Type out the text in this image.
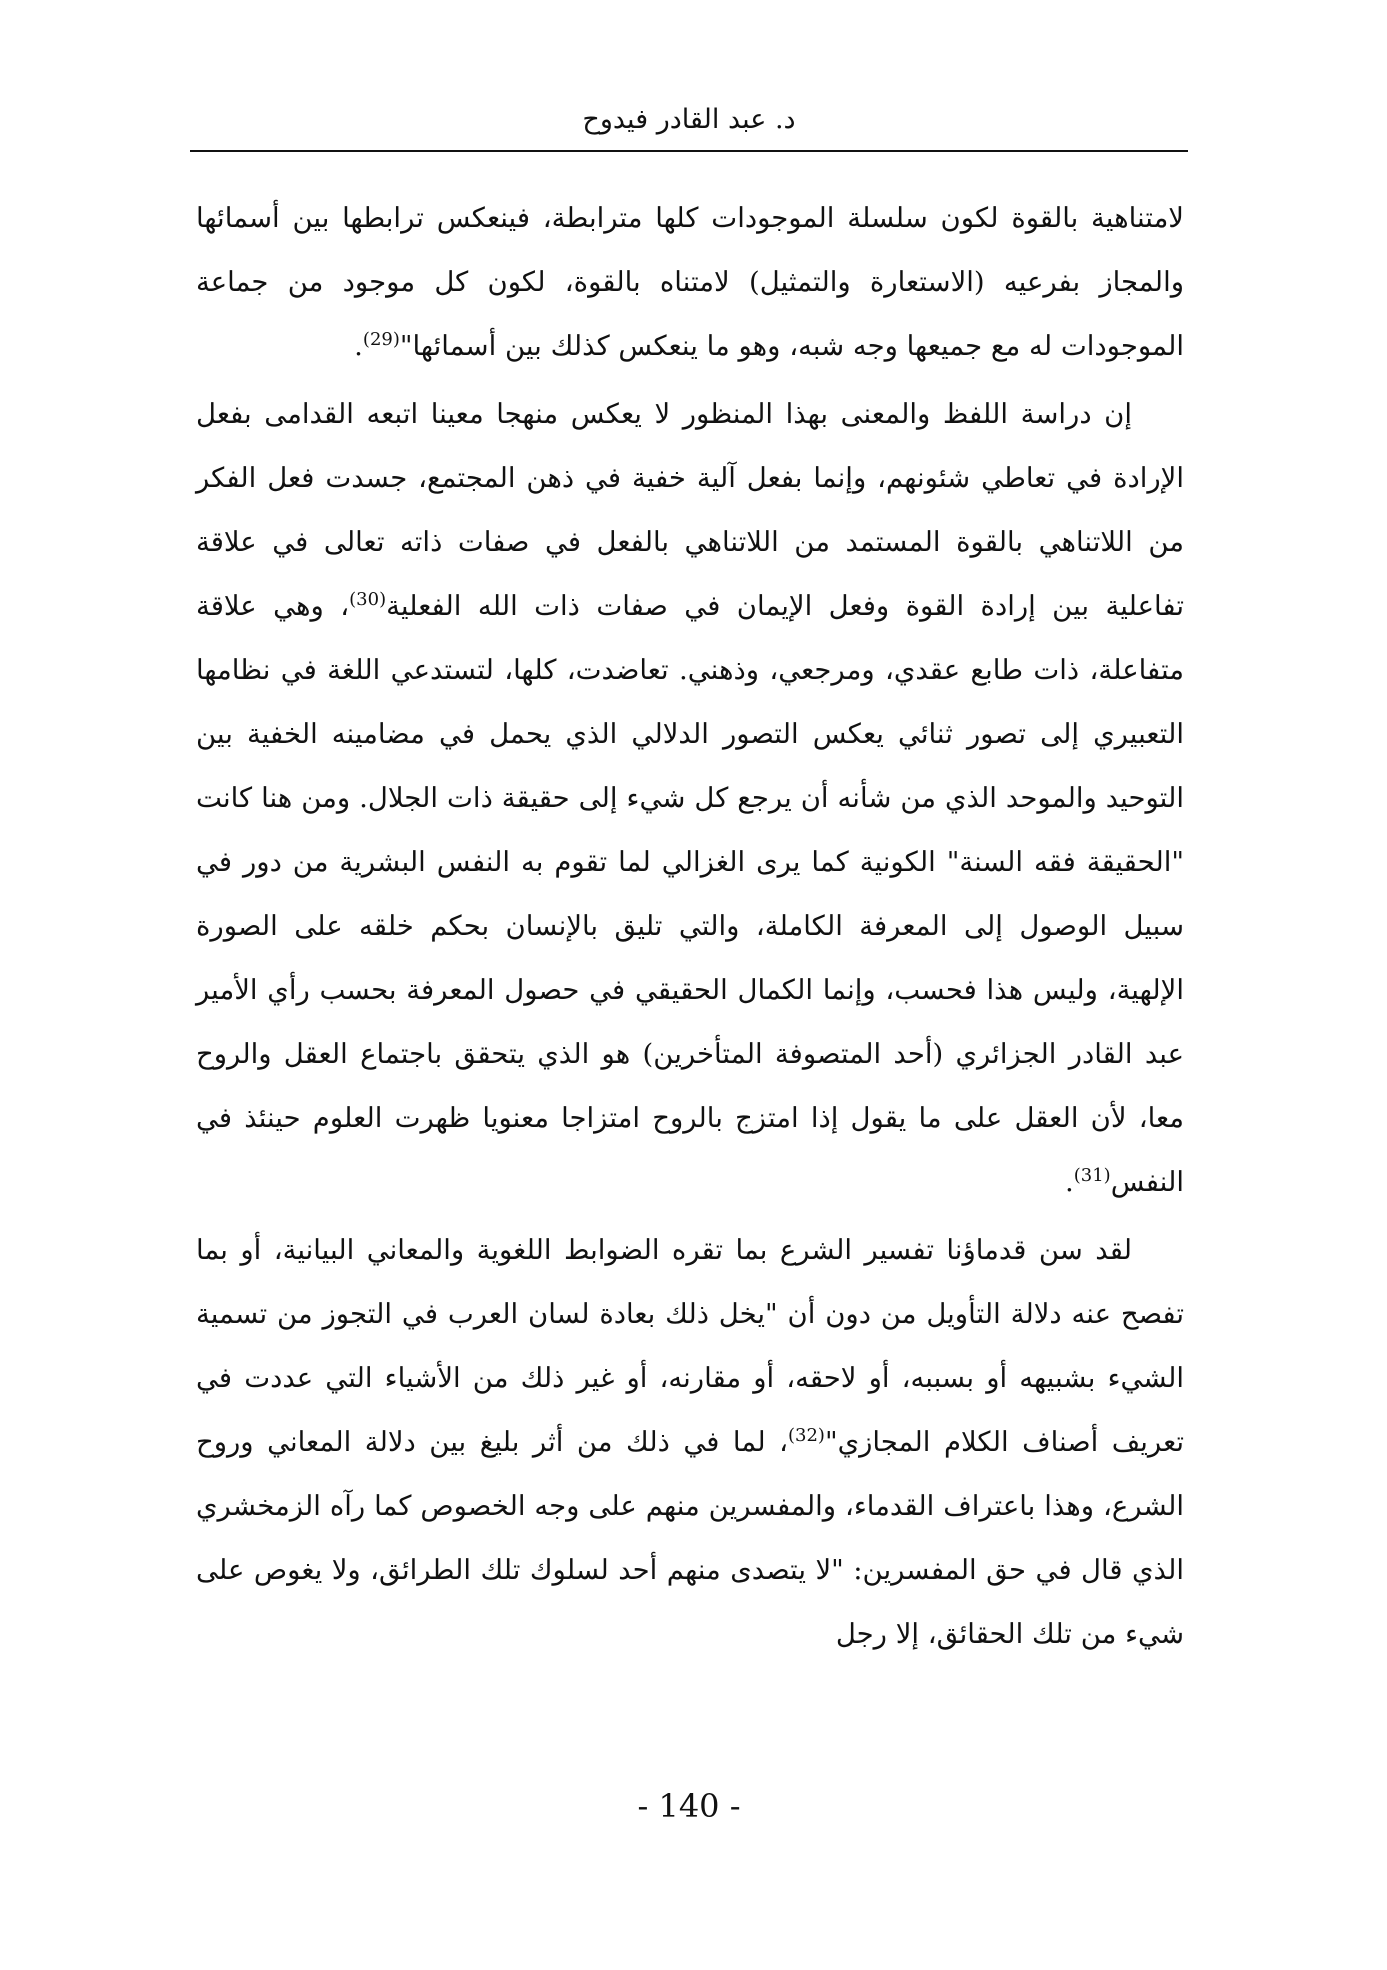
د. عبد القادر فيدوح

لامتناهية بالقوة لكون سلسلة الموجودات كلها مترابطة، فينعكس ترابطها بين أسمائها والمجاز بفرعيه (الاستعارة والتمثيل) لامتناه بالقوة، لكون كل موجود من جماعة الموجودات له مع جميعها وجه شبه، وهو ما ينعكس كذلك بين أسمائها"$^{(29)}$.

إن دراسة اللفظ والمعنى بهذا المنظور لا يعكس منهجا معينا اتبعه القدامى بفعل الإرادة في تعاطي شئونهم، وإنما بفعل آلية خفية في ذهن المجتمع، جسدت فعل الفكر من اللاتناهي بالقوة المستمد من اللاتناهي بالفعل في صفات ذاته تعالى في علاقة تفاعلية بين إرادة القوة وفعل الإيمان في صفات ذات الله الفعلية$^{(30)}$، وهي علاقة متفاعلة، ذات طابع عقدي، ومرجعي، وذهني. تعاضدت، كلها، لتستدعي اللغة في نظامها التعبيري إلى تصور ثنائي يعكس التصور الدلالي الذي يحمل في مضامينه الخفية بين التوحيد والموحد الذي من شأنه أن يرجع كل شيء إلى حقيقة ذات الجلال. ومن هنا كانت "الحقيقة فقه السنة" الكونية كما يرى الغزالي لما تقوم به النفس البشرية من دور في سبيل الوصول إلى المعرفة الكاملة، والتي تليق بالإنسان بحكم خلقه على الصورة الإلهية، وليس هذا فحسب، وإنما الكمال الحقيقي في حصول المعرفة بحسب رأي الأمير عبد القادر الجزائري (أحد المتصوفة المتأخرين) هو الذي يتحقق باجتماع العقل والروح معا، لأن العقل على ما يقول إذا امتزج بالروح امتزاجا معنويا ظهرت العلوم حينئذ في النفس$^{(31)}$.

لقد سن قدماؤنا تفسير الشرع بما تقره الضوابط اللغوية والمعاني البيانية، أو بما تفصح عنه دلالة التأويل من دون أن "يخل ذلك بعادة لسان العرب في التجوز من تسمية الشيء بشبيهه أو بسببه، أو لاحقه، أو مقارنه، أو غير ذلك من الأشياء التي عددت في تعريف أصناف الكلام المجازي"$^{(32)}$، لما في ذلك من أثر بليغ بين دلالة المعاني وروح الشرع، وهذا باعتراف القدماء، والمفسرين منهم على وجه الخصوص كما رآه الزمخشري الذي قال في حق المفسرين: "لا يتصدى منهم أحد لسلوك تلك الطرائق، ولا يغوص على شيء من تلك الحقائق، إلا رجل

- 140 -
